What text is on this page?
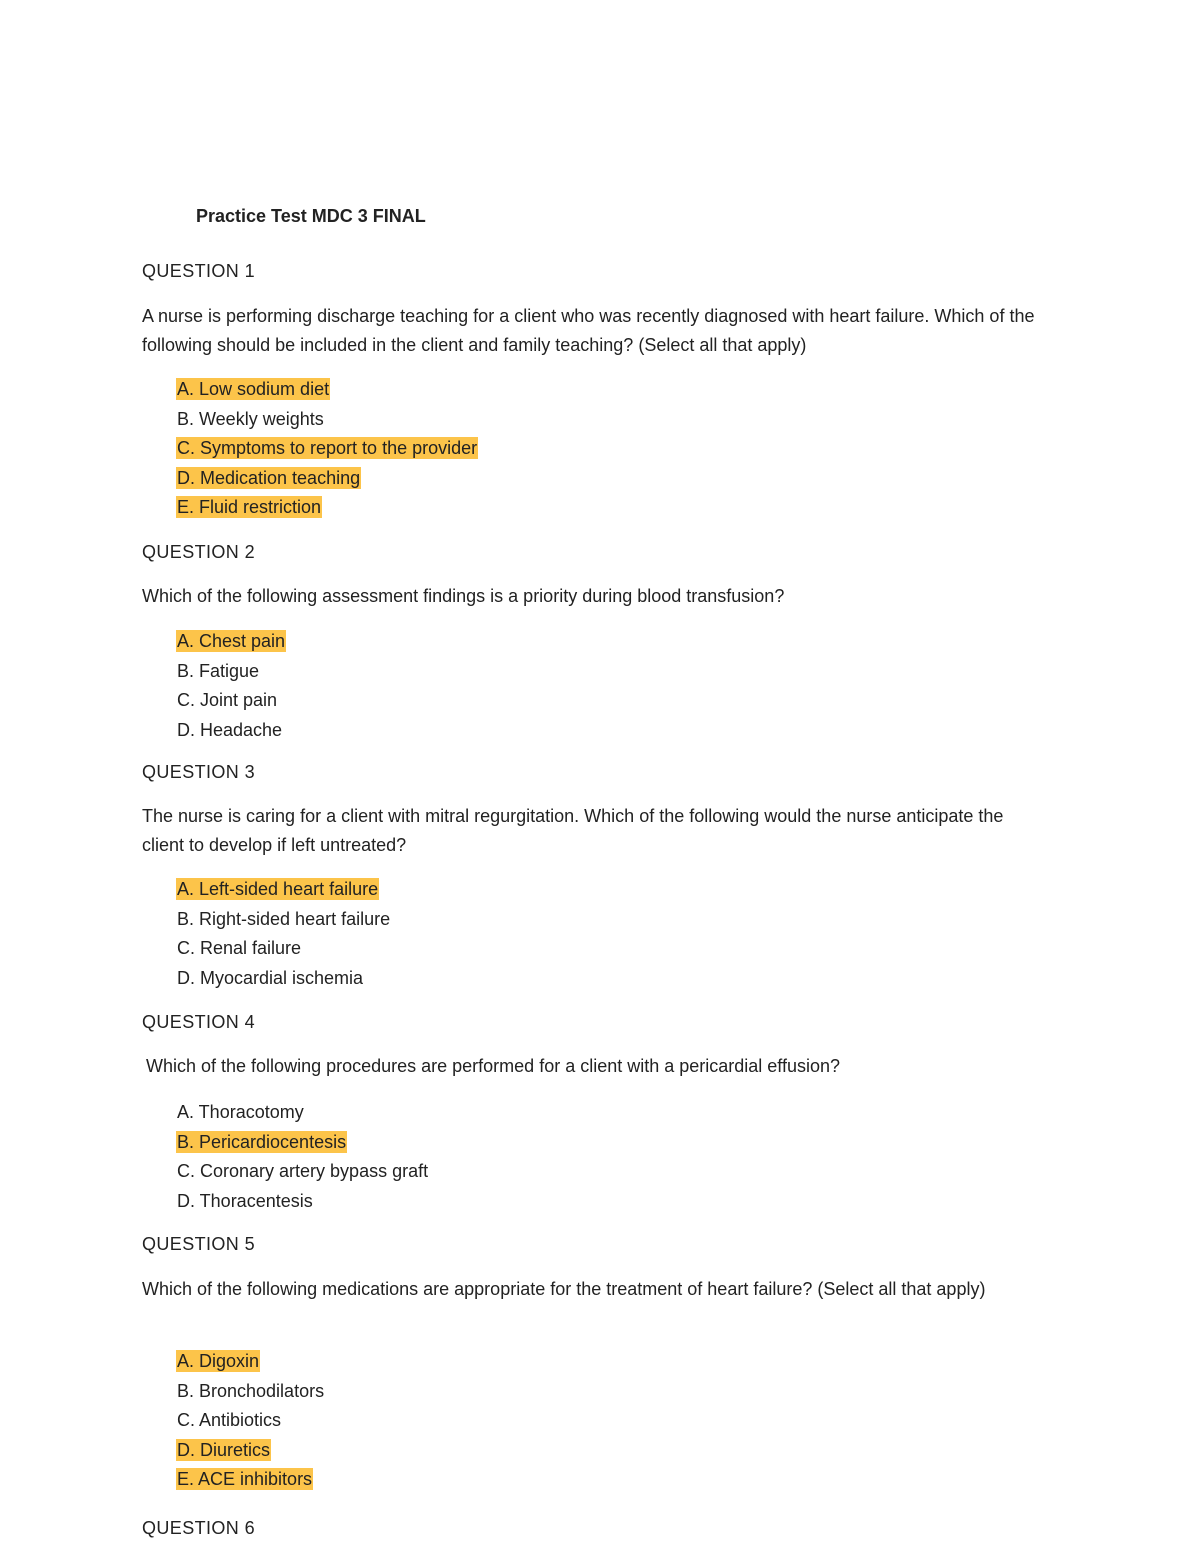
Practice Test MDC 3 FINAL
QUESTION 1
A nurse is performing discharge teaching for a client who was recently diagnosed with heart failure. Which of the following should be included in the client and family teaching? (Select all that apply)
A. Low sodium diet
B. Weekly weights
C. Symptoms to report to the provider
D. Medication teaching
E. Fluid restriction
QUESTION 2
Which of the following assessment findings is a priority during blood transfusion?
A. Chest pain
B. Fatigue
C. Joint pain
D. Headache
QUESTION 3
The nurse is caring for a client with mitral regurgitation. Which of the following would the nurse anticipate the client to develop if left untreated?
A. Left-sided heart failure
B. Right-sided heart failure
C. Renal failure
D. Myocardial ischemia
QUESTION 4
Which of the following procedures are performed for a client with a pericardial effusion?
A. Thoracotomy
B. Pericardiocentesis
C. Coronary artery bypass graft
D. Thoracentesis
QUESTION 5
Which of the following medications are appropriate for the treatment of heart failure? (Select all that apply)
A. Digoxin
B. Bronchodilators
C. Antibiotics
D. Diuretics
E. ACE inhibitors
QUESTION 6
